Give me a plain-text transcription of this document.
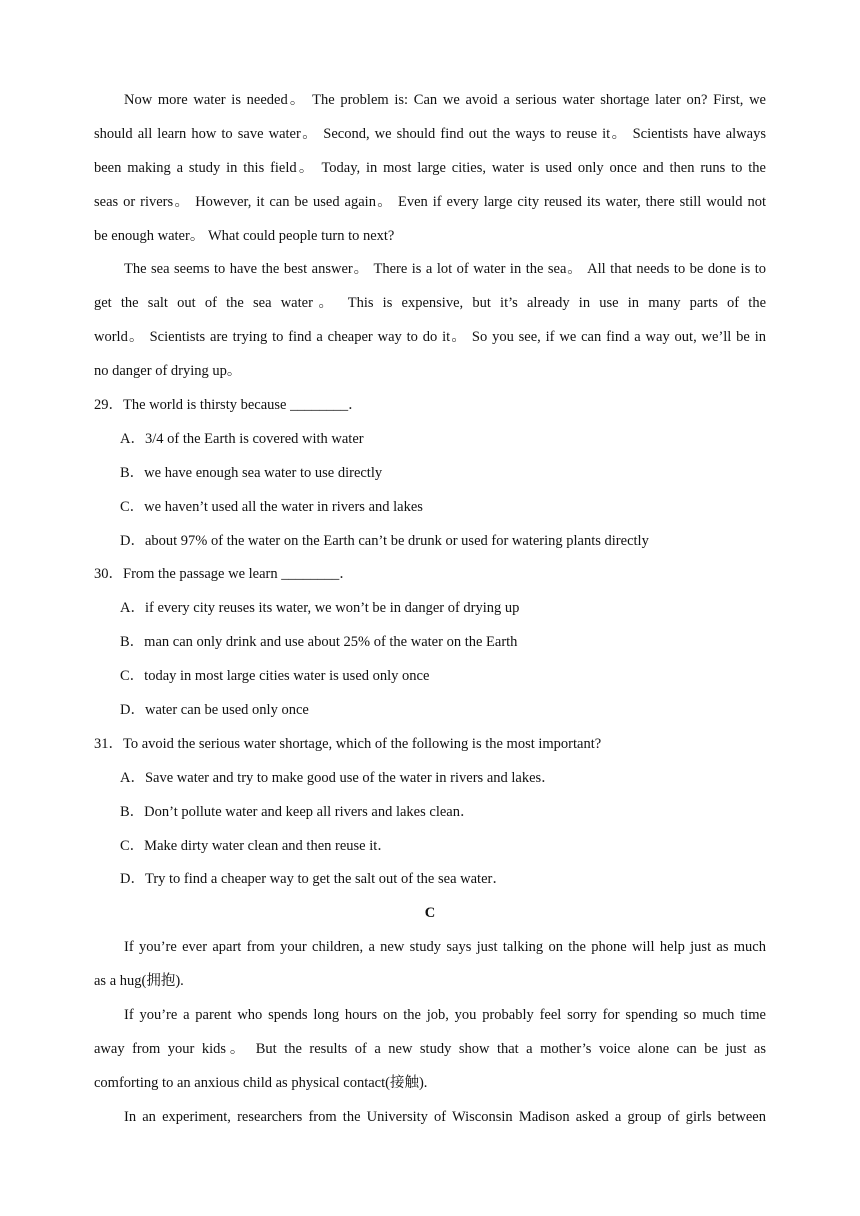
Now more water is needed。 The problem is: Can we avoid a serious water shortage later on? First, we
should all learn how to save water。 Second, we should find out the ways to reuse it。 Scientists have always
been making a study in this field。 Today, in most large cities, water is used only once and then runs to the
seas or rivers。 However, it can be used again。 Even if every large city reused its water, there still would not
be enough water。 What could people turn to next?
The sea seems to have the best answer。 There is a lot of water in the sea。 All that needs to be done is to
get the salt out of the sea water。 This is expensive, but it’s already in use in many parts of the
world。 Scientists are trying to find a cheaper way to do it。 So you see, if we can find a way out, we’ll be in
no danger of drying up。
29．The world is thirsty because ________．
A．3/4 of the Earth is covered with water
B．we have enough sea water to use directly
C．we haven’t used all the water in rivers and lakes
D．about 97% of the water on the Earth can’t be drunk or used for watering plants directly
30．From the passage we learn ________．
A．if every city reuses its water, we won’t be in danger of drying up
B．man can only drink and use about 25% of the water on the Earth
C．today in most large cities water is used only once
D．water can be used only once
31．To avoid the serious water shortage, which of the following is the most important?
A．Save water and try to make good use of the water in rivers and lakes．
B．Don’t pollute water and keep all rivers and lakes clean．
C．Make dirty water clean and then reuse it．
D．Try to find a cheaper way to get the salt out of the sea water．
C
If you’re ever apart from your children, a new study says just talking on the phone will help just as much
as a hug(拥抱).
If you’re a parent who spends long hours on the job, you probably feel sorry for spending so much time
away from your kids。 But the results of a new study show that a mother’s voice alone can be just as
comforting to an anxious child as physical contact(接触).
In an experiment, researchers from the University of Wisconsin Madison asked a group of girls between
